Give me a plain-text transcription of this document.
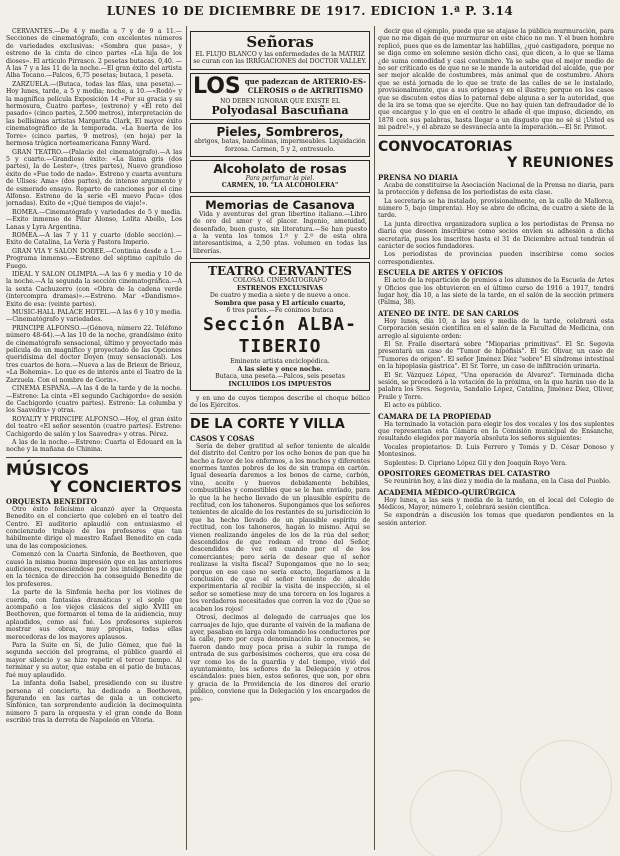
LUNES 10 DE DICIEMBRE DE 1917. EDICION 1.ª P. 3.14

CERVANTES.—De 4 y media a 7 y de 9 a 11.—Secciones de cinematógrafo, con excelentes números de variedades exclusivas: «Sombra que pasa», y estreno de la cinta de cinco partes «La hija de los dioses». El artículo Pirrasco. 2 pesetas butacas. 0,40. —A las 7 y a las 11 de la noche.—El gran éxito del artista Alba Tocano.—Palcos, 6,75 pesetas; butaca, 1 peseta.

ZARZUELA.—(Butaca, todas las filas, una peseta).—Hoy lunes, tarde, a 5 y media; noche, a 10.—«Rodó» y la magnífica película Exposición 14 «Por su gracia y su hermosura, Cuatro partes», (estreno) y «El reto del pasado» (cinco partes, 2.500 metros), interpretación de las bellísimas artistas Margarita Clark, El mayor éxito cinematográfico de la temporada. «La huerta de los Torre» (cinco partes, 9 metros), (en hoja) per la hermosa trágica norteamericana Fanny Ward.

GRAN TEATRO.—(Palacio del cinematógrafo).—A las 5 y cuarto.—Grandioso éxito: «La llama gris (dos partes), la de Lester», (tres partes), Nuevo grandioso éxito de «Fue todo de nada». Estreno y cuarta aventura de Ulises: Ama» (dos partes), de intenso argumento y de esmerado ensayo. Reparto de canciones por el cine Alfonso. Estreno de la serie «El nuevo Paca» (dos jornadas). Exito de «¡Qué tiempos de viaje!».

ROMEA.—Cinematógrafo y variedades de 5 y media.—Exito inmenso de Pilar Alonso, Lolita Abello, Los Lanas y Lyra Argentina.

ROMEA.—A las 7 y 11 y cuarto (doble sección).—Exito de Catalina, La Veria y Pastora Imperio.

GRAN VIA Y SALON DOREE.—Continúa desde a 1.—Programa inmenso.—Estreno del séptimo capítulo de Fuego.

IDEAL Y SALON OLIMPIA.—A las 6 y media y 10 de la noche.—A la segunda la sección cinematográfica.—A la sexta Cachuzorro (con «Obra de la cadena verde (intercompra dramas)».—Estreno. Mar «Dandismo». Exito de esa: (veinte partes).

MUSIC-HALL PALACE HOTEL.—A las 6 y 10 y media.—Cinematógrafo y variedades.

PRINCIPE ALFONSO.—(Génova, número 22. Teléfono número 48-64).—A las 10 de la noche, grandísimo éxito de cinematógrafo sensacional, último y proyectado más película de un magnífico y proyectado de las Opciones queridísima del doctor Doyen (muy sensacional). Los tres cuartos de hora.—Nueva a las de Brieux de Brieuz, «La Bohemia». Lo que es de interés ante el Teatro de la Zarzuela. Con el nombre de Gorin».

CINEMA ESPAÑA.—A las 4 de la tarde y de la noche.—Estreno: La cinta «El segundo Cachigordo» de sesión de Cachigordo (cuatro partes). Estreno: La columba y los Saavedra» y otras.

ROYALTY Y PRINCIPE ALFONSO.—Hoy, el gran éxito del teatro «El señor sesentón (cuatro partes). Estreno: Cachigordo de salón y los Saavedra» y otras. Pérez.

A las de la noche.—Estreno: Cuarta el Edouard en la noche y la mañana de Chinina.

MÚSICOS
Y CONCIERTOS
ORQUESTA BENEDITO

Otro éxito felicísimo alcanzó ayer la Orquesta Benedito en el concierto que celebró en el teatro del Centro. El auditorio aplaudió con entusiasmo el concienzudo trabajo de los profesores que tan hábilmente dirige el maestro Rafael Benedito en cada una de las composiciones.

Comenzó con la Cuarta Sinfonía, de Beethoven, que causó la misma buena impresión que en las anteriores audiciones, reconociéndose por los inteligentes lo que en la técnica de dirección ha conseguido Benedito de los profesores.

La parte de la Sinfonía hecha por los violines de cuerda, con fantasías dramáticas y el soplo que acompañó a los viejos clásicos del siglo XVIII en Beethoven, que formaron el tema de la audiencia, muy aplaudidos, como así fué. Los profesores supieron mostrar sus obras, muy propias, todas ellas merecedoras de los mayores aplausos.

Para la Suite en Si, de Julio Gómez, que fué la segunda sección del programa, el público guardó el mayor silencio y se hizo repetir el tercer tiempo. Al terminar y su autor, que estaba en el patio de butacas, fué muy aplaudido.

La infanta doña Isabel, presidiendo con su ilustre persona el concierto, ha dedicado a Beethoven, figurando en las cartas de gala a un concierto Sinfónico, tan sorprendente audición la decimoquinta número 5 para la orquesta y el gran conde de Bonn escribió tras la derrota de Napoleón en Vitoria.

Señoras

EL FLUJO BLANCO y las enfermedades de la MATRIZ se curan con las IRRIGACIONES del DOCTOR VALLEY.

LOS que padezcan de ARTERIO-ES-
CLEROSIS o de ARTRITISMO
NO DEBEN IGNORAR QUE EXISTE EL
Polyodasal Bascuñana
Pieles, Sombreros,

abrigos, batas, bandolinas, impermeables. Liquidación forzosa. Carmen, 5 y 2, entresuelo.

Alcoholato de rosas
Para perfumar la piel.
CARMEN, 10. "LA ALCOHOLERA"
Memorias de Casanova

Vida y aventuras del gran libertino italiano.—Libro de oro del amor y el placer. Ingenio, amenidad, desenfado, buen gusto, sin literatura.—Se han puesto a la venta los tomos 1.º y 2.º de esta obra interesantísima, a 2,50 ptas. volumen en todas las librerías.

TEATRO CERVANTES
COLOSAL CINEMATOGRAFO
ESTRENOS EXCLUSIVAS
De cuatro y media a siete y de nueve a once.
Sombra que pasa y El artículo cuarto,
6 tres partes.—Fe cónimos butaca
Sección ALBA-TIBERIO
Eminente artista enciclopédica.
A las siete y once noche.
Butaca, una peseta.—Palcos, seis pesetas
INCLUIDOS LOS IMPUESTOS

y en uno de cuyos tiempos describe el choque bélico de los Ejércitos.

DE LA CORTE Y VILLA
CASOS Y COSAS

Sería de deber gratitud al señor teniente de alcalde del distrito del Centro por los ocho bonos de pan que ha hecho a favor de los enfermos, a los muchos y diferentes enormes tantos pobres de los de sin trampa en cartón. Igual desearía daremos a los bonos de carne, carbón, vino, aceite y huevos debidamente bebibles, combustibles y comestibles que se le han enviado, para lo que la he hecho llevado de un plausible espíritu de rectitud, con los tahoneros. Supongamos que los señores tenientes de alcalde de los restantes de su jurisdicción lo que ha hecho llevado de un plausible espíritu de rectitud, con los tahoneros, hagan lo mismo. Aquí se vienen realizando ángeles de los de la rúa del señor, descendidos de que rodean el trono del Señor, descendidos de vez en cuando por el de los comerciantes; pero sería de desear que el señor realizase la visita fiscal? Supongamos que no lo sea; porque en ese caso no sería exacto, llegaríamos a la conclusión de que el señor teniente de alcalde experimentaría al recibir la visita de inspección, si el señor se sometiese muy de una tercera en los lugares a los verdaderos necesitados que corren la voz de ¡Que se acaben los rojos!

Otrosí, decimos al delegado de carruajes que los carruajes de lujo, que durante el vaivén de la mañana de ayer, pasaban en larga cola tomando los conductores por la calle, pero por cuya denominación la conocemos, se fueron dando muy poca prisa a subir la rampa de entrada de sus garbosísimos cocheros, que era cosa de ver como los de la guardia y del tiempo, vivió del ayuntamiento, los señores de la Delegación y otros escándalos: pues bien, estos señores, que son, por obra y gracia de la Providencia de los dineros del erario público, conviene que la Delegación y los encargados de pre-

decir que el ejemplo, puede que se atajase la pública murmuración, para que no me digan de que murmurar en este chico no me. Y el buen hombre replicó, pues que es de lamentar las hablillas, ¿qué castigadora, porque no se diga como en solemne sesión dicho casi, que dicen, a lo que se llama ¿de suma comodidad y casi costumbre. Ya se sabe que el mejor medio de no ser criticado es de que no se le mande la autoridad del alcalde, que por ser mejor alcalde de costumbres, más animal que de costumbre. Ahora que se está jornada de lo que se trate de las calles de se le instalado, provisionalmente, que a sus orígenes y en el ilustre; porque en los casos que se discuten estos días lo paternal debe alguna a ser la autoridad, que de la ira se toma que se ejercite. Que no hay quien tan defraudador de lo que encargue y lo que en el centro le añade el que impuso, diciendo, en 1878 con sus palabras, hasta llegar a un disgusto que no sé si ¡Usted es mi padre!», y el abrazo se desvanecía ante la imperación.—El Sr. Primot.

CONVOCATORIAS
Y REUNIONES
PRENSA NO DIARIA

Acaba de constituirse la Asociación Nacional de la Prensa no diaria, para la protección y defensa de los periodistas de esta clase.

La secretaría se ha instalado, provisionalmente, en la calle de Mallorca, número 5, bajo (imprenta). Hoy se abre de oficina, de cuatro a siete de la tarde.

La junta directiva organizadora suplica a los periodistas de Prensa no diaria que deseen inscribirse como socios envíen su adhesión a dicha secretaría, pues los inscritos hasta el 31 de Diciembre actual tendrán el carácter de socios fundadores.

Los periodistas de provincias pueden inscribirse como socios correspondientes.

ESCUELA DE ARTES Y OFICIOS

El acto de la repartición de premios a los alumnos de la Escuela de Artes y Oficios que los obtuvieron en el último curso de 1916 a 1917, tendrá lugar hoy, día 10, a las siete de la tarde, en el salón de la sección primera (Palma, 38).

ATENEO DE INTE. DE SAN CARLOS

Hoy lunes, día 10, a las seis y media de la tarde, celebrará esta Corporación sesión científica en el salón de la Facultad de Medicina, con arreglo al siguiente orden:

El Sr. Fraile disertará sobre "Mioparias primitivas". El Sr. Segovia presentará un caso de "Tumor de hipófisis". El Sr. Olivar, un caso de "Tumores de origen". El señor Jiménez Díez "sobre" El síndrome intestinal en la hipoplasia gástrica". El Sr. Torre, un caso de infiltración urinaria.

El Sr. Vázquez López, "Una operación de Alvarez". Terminada dicha sesión, se procederá a la votación de la próxima, en la que harán uso de la palabra los Sres. Segovia, Sandalio López, Catalina, Jiménez Díez, Oliver, Fraile y Torre.

El acto es público.

CAMARA DE LA PROPIEDAD

Ha terminado la votación para elegir los dos vocales y los dos suplentes que representan esta Cámara en la Comisión municipal de Ensanche, resultando elegidos por mayoría absoluta los señores siguientes:

Vocales propietarios: D. Luis Ferrero y Tomás y D. César Donoso y Montesinos.

Suplentes: D. Cipriano López Gil y don Joaquín Royo Vera.

OPOSITORES GEOMETRAS DEL CATASTRO

Se reunirán hoy, a las diez y media de la mañana, en la Casa del Pueblo.

ACADEMIA MÉDICO-QUIRÚRGICA

Hoy lunes, a las seis y media de la tarde, en el local del Colegio de Médicos, Mayor, número 1, celebrará sesión científica.

Se expondrán a discusión los temas que quedaron pendientes en la sesión anterior.
